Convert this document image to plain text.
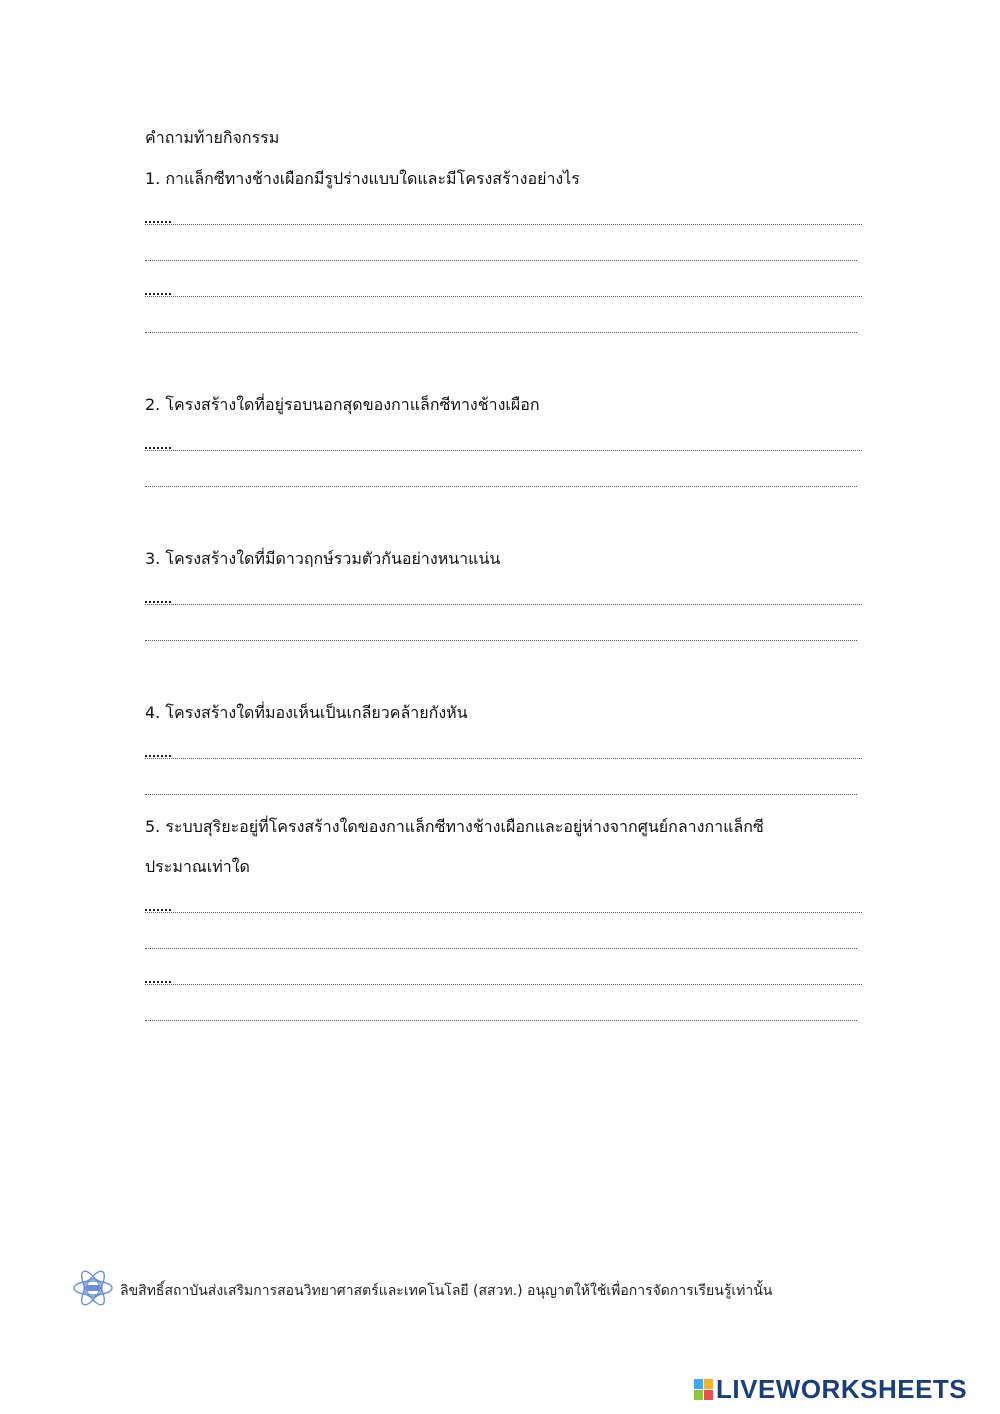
คำถามท้ายกิจกรรม
1. กาแล็กซีทางช้างเผือกมีรูปร่างแบบใดและมีโครงสร้างอย่างไร
2. โครงสร้างใดที่อยู่รอบนอกสุดของกาแล็กซีทางช้างเผือก
3. โครงสร้างใดที่มีดาวฤกษ์รวมตัวกันอย่างหนาแน่น
4. โครงสร้างใดที่มองเห็นเป็นเกลียวคล้ายกังหัน
5. ระบบสุริยะอยู่ที่โครงสร้างใดของกาแล็กซีทางช้างเผือกและอยู่ห่างจากศูนย์กลางกาแล็กซี
ประมาณเท่าใด
ลิขสิทธิ์สถาบันส่งเสริมการสอนวิทยาศาสตร์และเทคโนโลยี (สสวท.) อนุญาตให้ใช้เพื่อการจัดการเรียนรู้เท่านั้น
LIVEWORKSHEETS
